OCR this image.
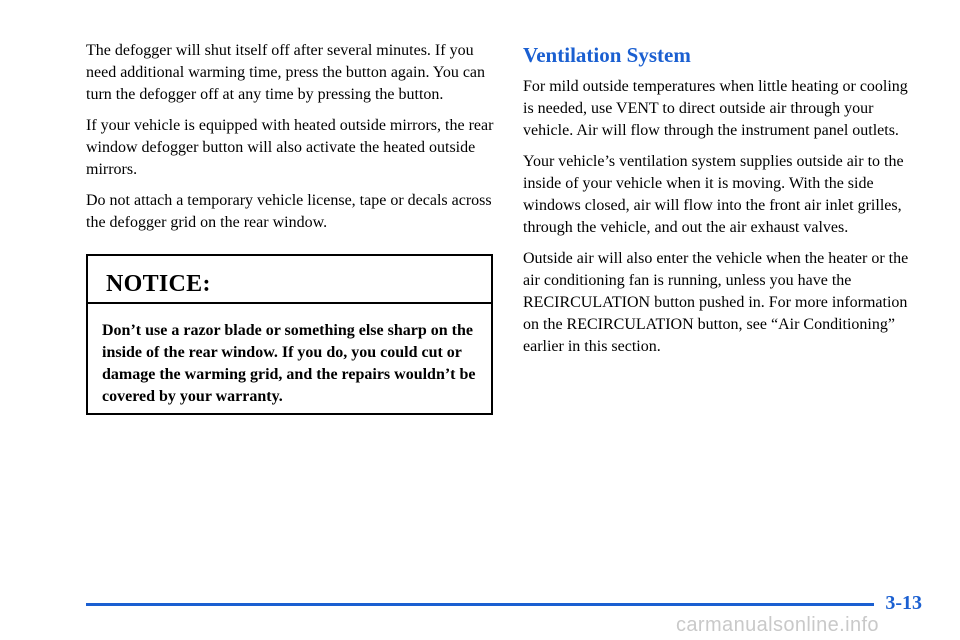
The defogger will shut itself off after several minutes. If you need additional warming time, press the button again. You can turn the defogger off at any time by pressing the button.

If your vehicle is equipped with heated outside mirrors, the rear window defogger button will also activate the heated outside mirrors.

Do not attach a temporary vehicle license, tape or decals across the defogger grid on the rear window.

NOTICE:
Don’t use a razor blade or something else sharp on the inside of the rear window. If you do, you could cut or damage the warming grid, and the repairs wouldn’t be covered by your warranty.
Ventilation System

For mild outside temperatures when little heating or cooling is needed, use VENT to direct outside air through your vehicle. Air will flow through the instrument panel outlets.

Your vehicle’s ventilation system supplies outside air to the inside of your vehicle when it is moving. With the side windows closed, air will flow into the front air inlet grilles, through the vehicle, and out the air exhaust valves.

Outside air will also enter the vehicle when the heater or the air conditioning fan is running, unless you have the RECIRCULATION button pushed in. For more information on the RECIRCULATION button, see “Air Conditioning” earlier in this section.

3-13
carmanualsonline.info
